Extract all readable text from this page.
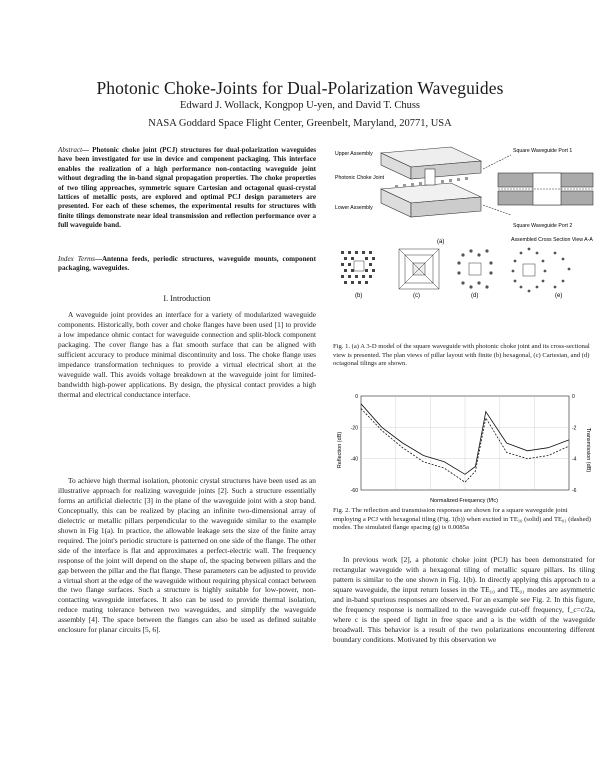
Photonic Choke-Joints for Dual-Polarization Waveguides
Edward J. Wollack, Kongpop U-yen, and David T. Chuss
NASA Goddard Space Flight Center, Greenbelt, Maryland, 20771, USA
Abstract— Photonic choke joint (PCJ) structures for dual-polarization waveguides have been investigated for use in device and component packaging. This interface enables the realization of a high performance non-contacting waveguide joint without degrading the in-band signal propagation properties. The choke properties of two tiling approaches, symmetric square Cartesian and octagonal quasi-crystal lattices of metallic posts, are explored and optimal PCJ design parameters are presented. For each of these schemes, the experimental results for structures with finite tilings demonstrate near ideal transmission and reflection performance over a full waveguide band.
Index Terms—Antenna feeds, periodic structures, waveguide mounts, component packaging, waveguides.
I. Introduction

A waveguide joint provides an interface for a variety of modularized waveguide components. Historically, both cover and choke flanges have been used [1] to provide a low impedance ohmic contact for waveguide connection and split-block component packaging. The cover flange has a flat smooth surface that can be aligned with sufficient accuracy to produce minimal discontinuity and loss. The choke flange uses impedance transformation techniques to provide a virtual electrical short at the waveguide wall. This avoids voltage breakdown at the waveguide joint for limited-bandwidth high-power applications. By design, the physical contact provides a high thermal and electrical conductance interface.

To achieve high thermal isolation, photonic crystal structures have been used as an illustrative approach for realizing waveguide joints [2]. Such a structure essentially forms an artificial dielectric [3] in the plane of the waveguide joint with a stop band. Conceptually, this can be realized by placing an infinite two-dimensional array of dielectric or metallic pillars perpendicular to the waveguide similar to the example shown in Fig 1(a). In practice, the allowable leakage sets the size of the finite array required. The joint's periodic structure is patterned on one side of the flange. The other side of the interface is flat and approximates a perfect-electric wall. The frequency response of the joint will depend on the shape of, the spacing between pillars and the gap between the pillar and the flat flange. These parameters can be adjusted to provide a virtual short at the edge of the waveguide without requiring physical contact between the two flange surfaces. Such a structure is highly suitable for low-power, non-contacting waveguide interfaces. It also can be used to provide thermal isolation, reduce mating tolerance between two waveguides, and simplify the waveguide assembly [4]. The space between the flanges can also be used as defined suitable enclosure for planar circuits [5, 6].

Upper Assembly	Square Waveguide Port 1
Photonic Choke Joint
Lower Assembly
Square Waveguide Port 2
Assembled Cross Section View A-A
(a)
(b)	(c)	(d)	(e)
Fig. 1. (a) A 3-D model of the square waveguide with photonic choke joint and its cross-sectional view is presented. The plan views of pillar layout with finite (b) hexagonal, (c) Cartesian, and (d) octagonal tilings are shown.
0
-20
-40
-60
0
-2
-4
-6
Reflection (dB)	Transmission (dB)
Normalized Frequency (f/fc)
Fig. 2. The reflection and transmission responses are shown for a square waveguide joint employing a PCJ with hexagonal tiling (Fig. 1(b)) when excited in TE₁₀ (solid) and TE₀₁ (dashed) modes. The simulated flange spacing (g) is 0.0085a

In previous work [2], a photonic choke joint (PCJ) has been demonstrated for rectangular waveguide with a hexagonal tiling of metallic square pillars. Its tiling pattern is similar to the one shown in Fig. 1(b). In directly applying this approach to a square waveguide, the input return losses in the TE₁₀ and TE₀₁ modes are asymmetric and in-band spurious responses are observed. For an example see Fig. 2. In this figure, the frequency response is normalized to the waveguide cut-off frequency, f_c=c/2a, where c is the speed of light in free space and a is the width of the waveguide broadwall. This behavior is a result of the two polarizations encountering different boundary conditions. Motivated by this observation we
